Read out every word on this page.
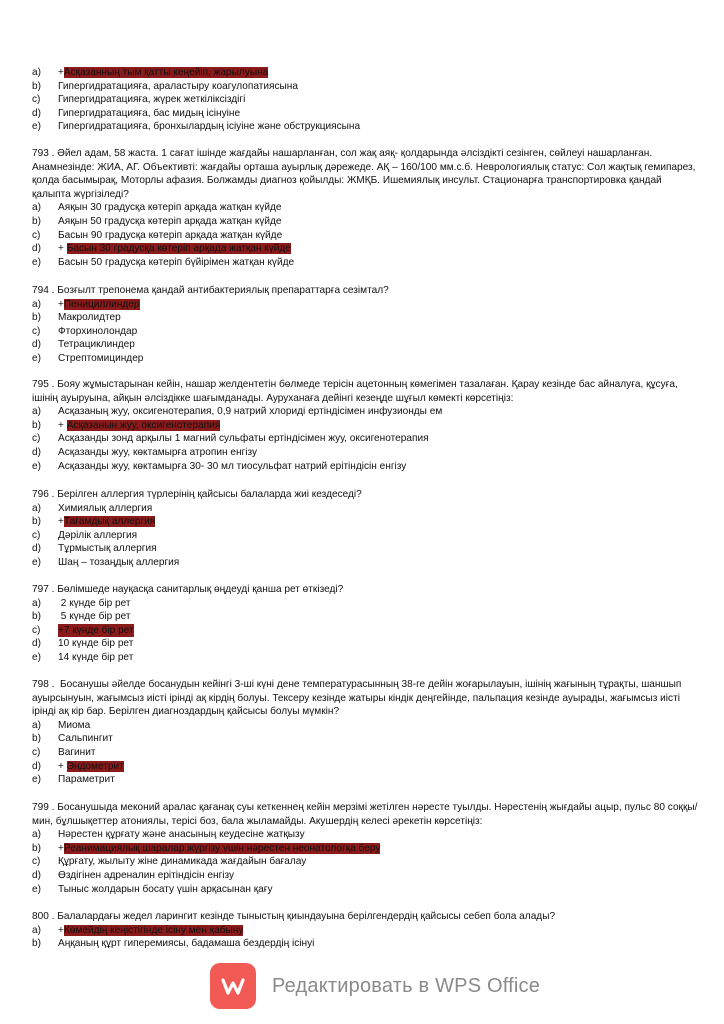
a)	+Асқазанның тым қатты кеңейіп, жарылуына
b)	Гипергидратацияға, араластыру коагулопатиясына
c)	Гипергидратацияға, жүрек жеткіліксіздігі
d)	Гипергидратацияға, бас мидың ісінуіне
e)	Гипергидратацияға, бронхылардың ісіуіне және обструкциясына
793 . Әйел адам, 58 жаста. 1 сағат ішінде жағдайы нашарланған, сол жақ аяқ- қолдарында әлсіздікті сезінген, сөйлеуі нашарланған. Анамнезінде: ЖИА, АГ. Объективті: жағдайы орташа ауырлық дәрежеде. АҚ – 160/100 мм.с.б. Неврологиялық статус: Сол жақтық гемипарез, қолда басымырақ, Моторлы афазия. Болжамды диагноз қойылды: ЖМҚБ. Ишемиялық инсульт. Стационарға транспортировка қандай қалыпта жүргізіледі?
a)	Аяқын 30 градусқа көтеріп арқада жатқан күйде
b)	Аяқын 50 градусқа көтеріп арқада жатқан күйде
c)	Басын 90 градусқа көтеріп арқада жатқан күйде
d)	+ Басын 30 градусқа көтеріп арқада жатқан күйде
e)	Басын 50 градусқа көтеріп бүйірімен жатқан күйде
794 . Бозғылт трепонема қандай антибактериялық препараттарға сезімтал?
a)	+Пенициллиндер
b)	Макролидтер
c)	Фторхинолондар
d)	Тетрациклиндер
e)	Стрептомициндер
795 . Бояу жұмыстарынан кейін, нашар желдентетін бөлмеде терісін ацетонның көмегімен тазалаған. Қарау кезінде бас айналуға, құсуға, ішінің ауыруына, айқын әлсіздікке шағымданады. Ауруханаға дейінгі кезеңде шұғыл көмекті көрсетіңіз:
a)	Асқазаның жуу, оксигенотерапия, 0,9 натрий хлориді ертіндісімен инфузионды ем
b)	+ Асқазанын жуу, оксигенотерапия
c)	Асқазанды зонд арқылы 1 магний сульфаты ертіндісімен жуу, оксигенотерапия
d)	Асқазанды жуу, көктамырға атропин енгізу
e)	Асқазанды жуу, көктамырға 30- 30 мл тиосульфат натрий ерітіндісін енгізу
796 . Берілген аллергия түрлерінің қайсысы балаларда жиі кездеседі?
a)	Химиялық аллергия
b)	+Тағамдық аллергия
c)	Дәрілік аллергия
d)	Тұрмыстық аллергия
e)	Шаң – тозаңдық аллергия
797 . Бөлімшеде науқасқа санитарлық өңдеуді қанша рет өткізеді?
a)	2 күнде бір рет
b)	5 күнде бір рет
c)	+7 күнде бір рет
d)	10 күнде бір рет
e)	14 күнде бір рет
798 .  Босанушы әйелде босанудын кейінгі 3-ші күні дене температурасынның 38-ге дейін жоғарылауын, ішінің жағының тұрақты, шаншып ауырсынуын, жағымсыз иісті ірінді ақ кірдің болуы. Тексеру кезінде жатыры кіндік деңгейінде, пальпация кезінде ауырады, жағымсыз иісті ірінді ақ кір бар. Берілген диагноздардың қайсысы болуы мүмкін?
a)	Миома
b)	Сальпингит
c)	Вагинит
d)	+ Эндометрит
e)	Параметрит
799 . Босанушыда меконий аралас қағанақ суы кеткеннең кейін мерзімі жетілген нәресте туылды. Нәрестенің жығдайы ацыр, пульс 80 соққы/мин, бұлшықеттер атониялы, терісі боз, бала жыламайды. Акушердің келесі әрекетін көрсетіңіз:
a)	Нәрестен құрғату және анасының кеудесіне жатқызу
b)	+Реанимациялық шаралар жүргізу үшін нәрестен неонатологқа беру
c)	Құрғату, жылыту жіне динамикада жағдайын бағалау
d)	Өздігінен адреналин ерітіндісін енгізу
e)	Тыныс жолдарын босату үшін арқасынан қағу
800 . Балалардағы жедел ларингит кезінде тыныстың қиындауына берілгендердің қайсысы себеп бола алады?
a)	+Көмейдің кеңістігінде ісіну мен қабыну
b)	Аңқаның құрт гиперемиясы, бадамаша бездердің ісінуі
Редактировать в WPS Office
